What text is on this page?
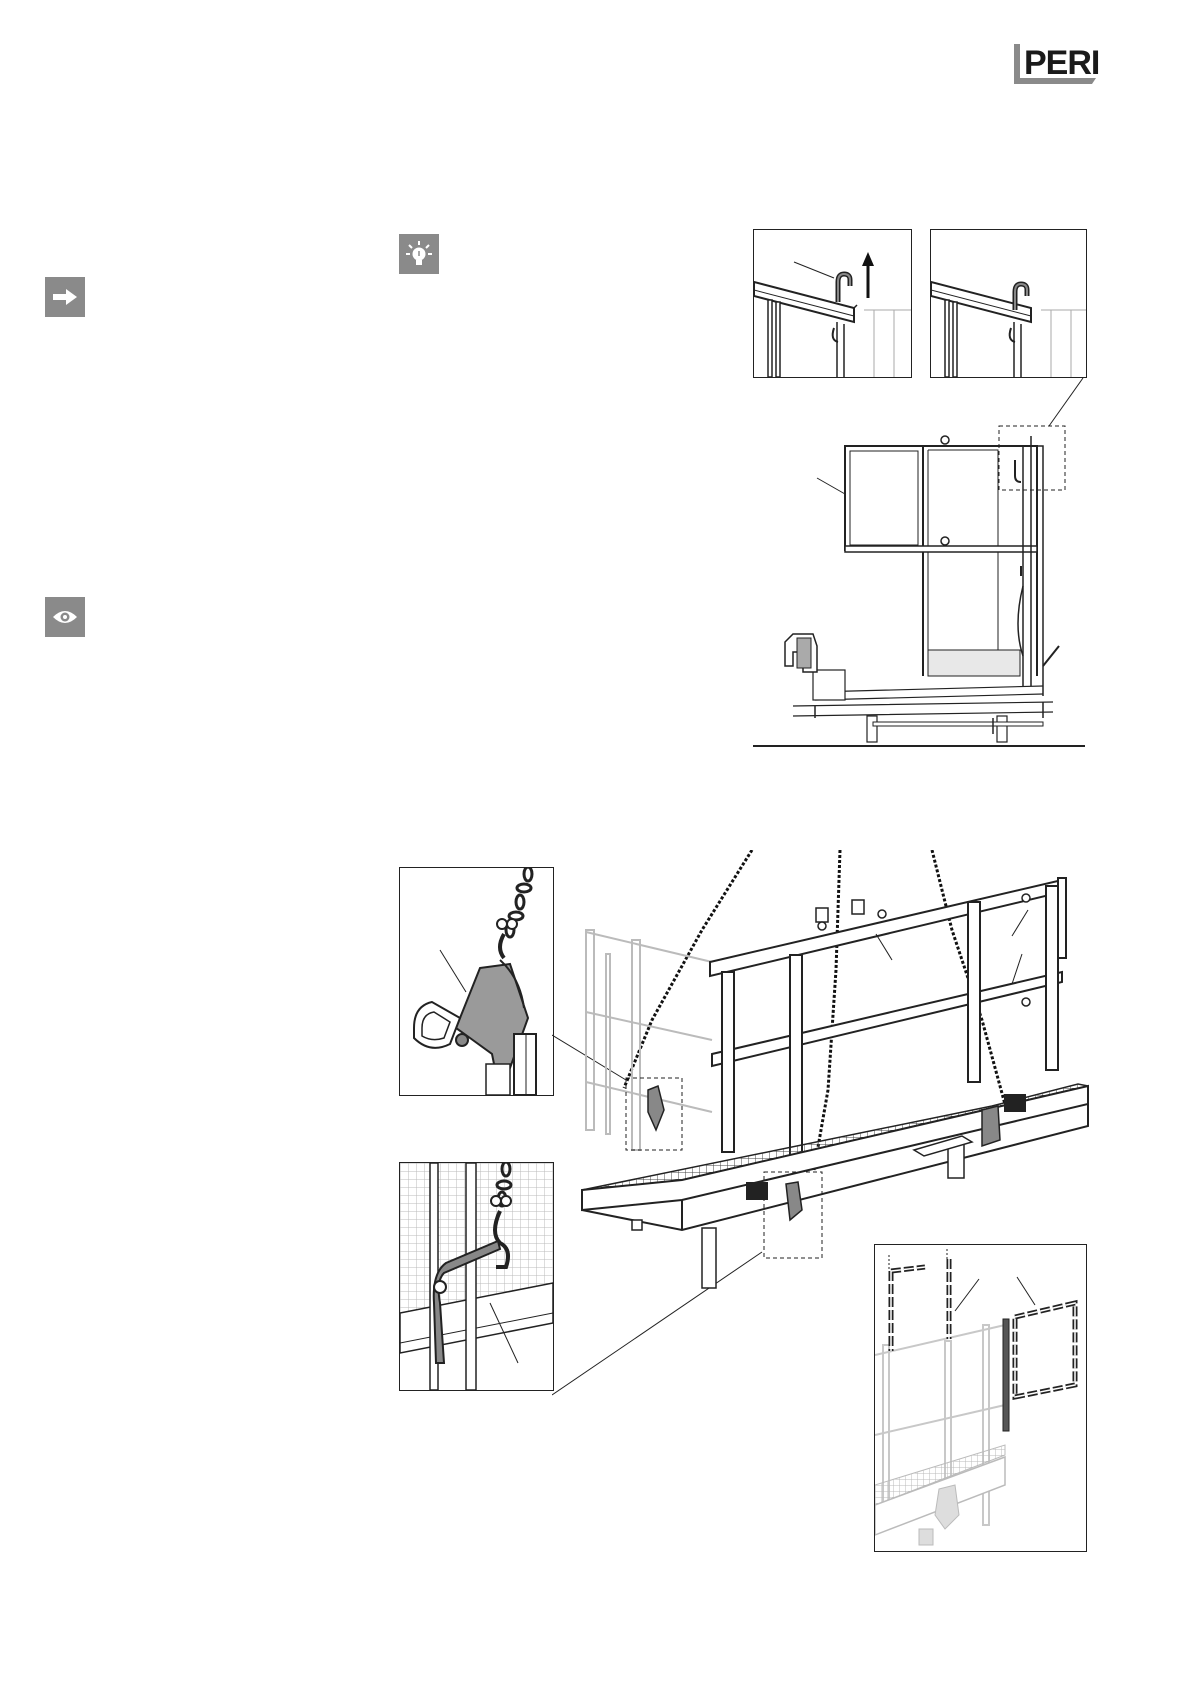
PERI
